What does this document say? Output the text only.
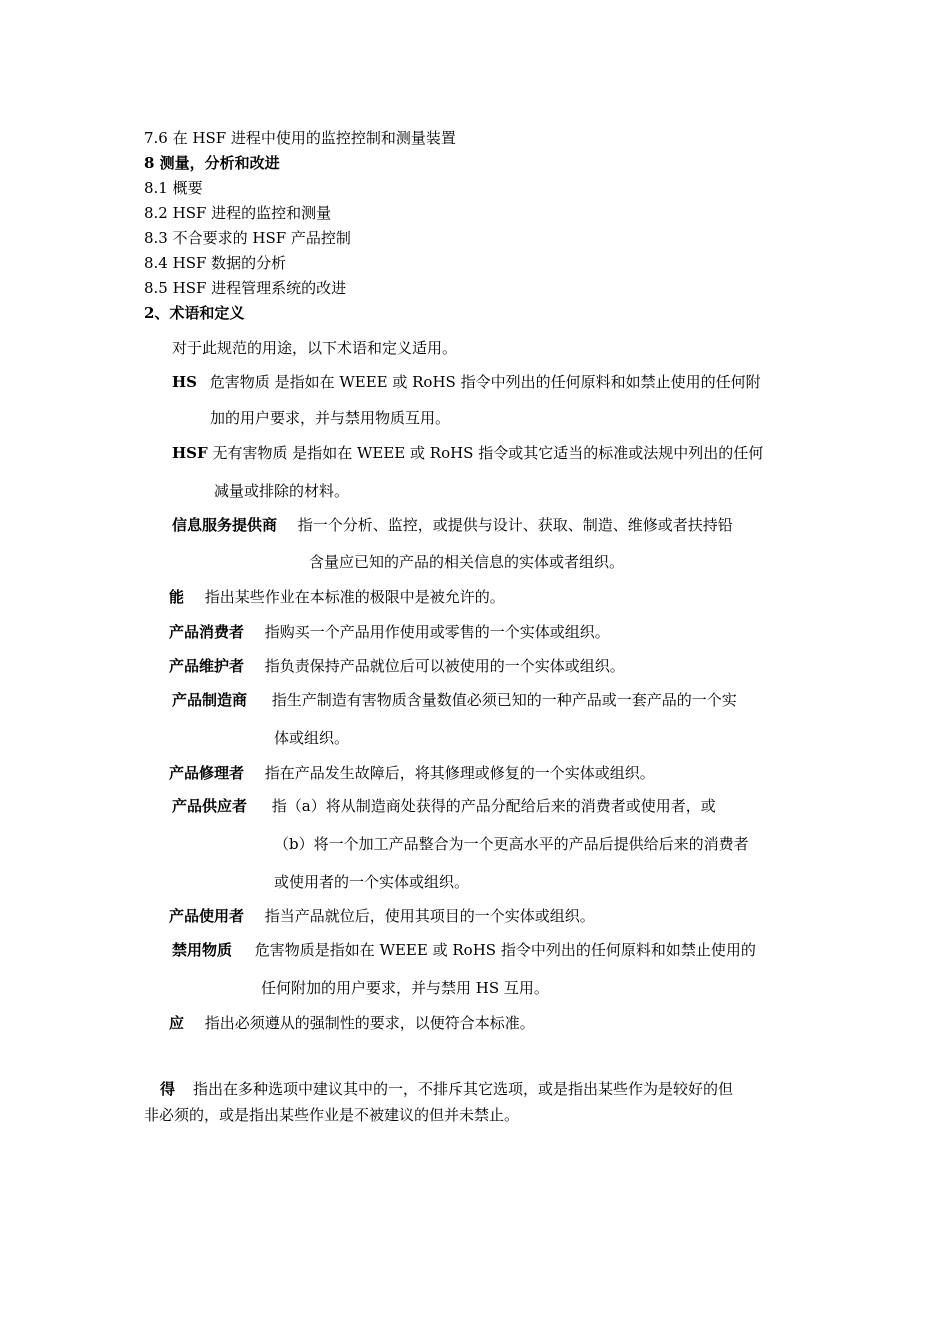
7.6 在 HSF 进程中使用的监控控制和测量装置
8 测量，分析和改进
8.1 概要
8.2 HSF 进程的监控和测量
8.3 不合要求的 HSF 产品控制
8.4 HSF 数据的分析
8.5 HSF 进程管理系统的改进
2、术语和定义
对于此规范的用途，以下术语和定义适用。
HS 危害物质 是指如在 WEEE 或 RoHS 指令中列出的任何原料和如禁止使用的任何附
加的用户要求，并与禁用物质互用。
HSF 无有害物质 是指如在 WEEE 或 RoHS 指令或其它适当的标准或法规中列出的任何
减量或排除的材料。
信息服务提供商 指一个分析、监控，或提供与设计、获取、制造、维修或者扶持铅
含量应已知的产品的相关信息的实体或者组织。
能 指出某些作业在本标准的极限中是被允许的。
产品消费者 指购买一个产品用作使用或零售的一个实体或组织。
产品维护者 指负责保持产品就位后可以被使用的一个实体或组织。
产品制造商 指生产制造有害物质含量数值必须已知的一种产品或一套产品的一个实
体或组织。
产品修理者 指在产品发生故障后，将其修理或修复的一个实体或组织。
产品供应者 指（a）将从制造商处获得的产品分配给后来的消费者或使用者，或
（b）将一个加工产品整合为一个更高水平的产品后提供给后来的消费者
或使用者的一个实体或组织。
产品使用者 指当产品就位后，使用其项目的一个实体或组织。
禁用物质 危害物质是指如在 WEEE 或 RoHS 指令中列出的任何原料和如禁止使用的
任何附加的用户要求，并与禁用 HS 互用。
应 指出必须遵从的强制性的要求，以便符合本标准。
得 指出在多种选项中建议其中的一，不排斥其它选项，或是指出某些作为是较好的但
非必须的，或是指出某些作业是不被建议的但并未禁止。
